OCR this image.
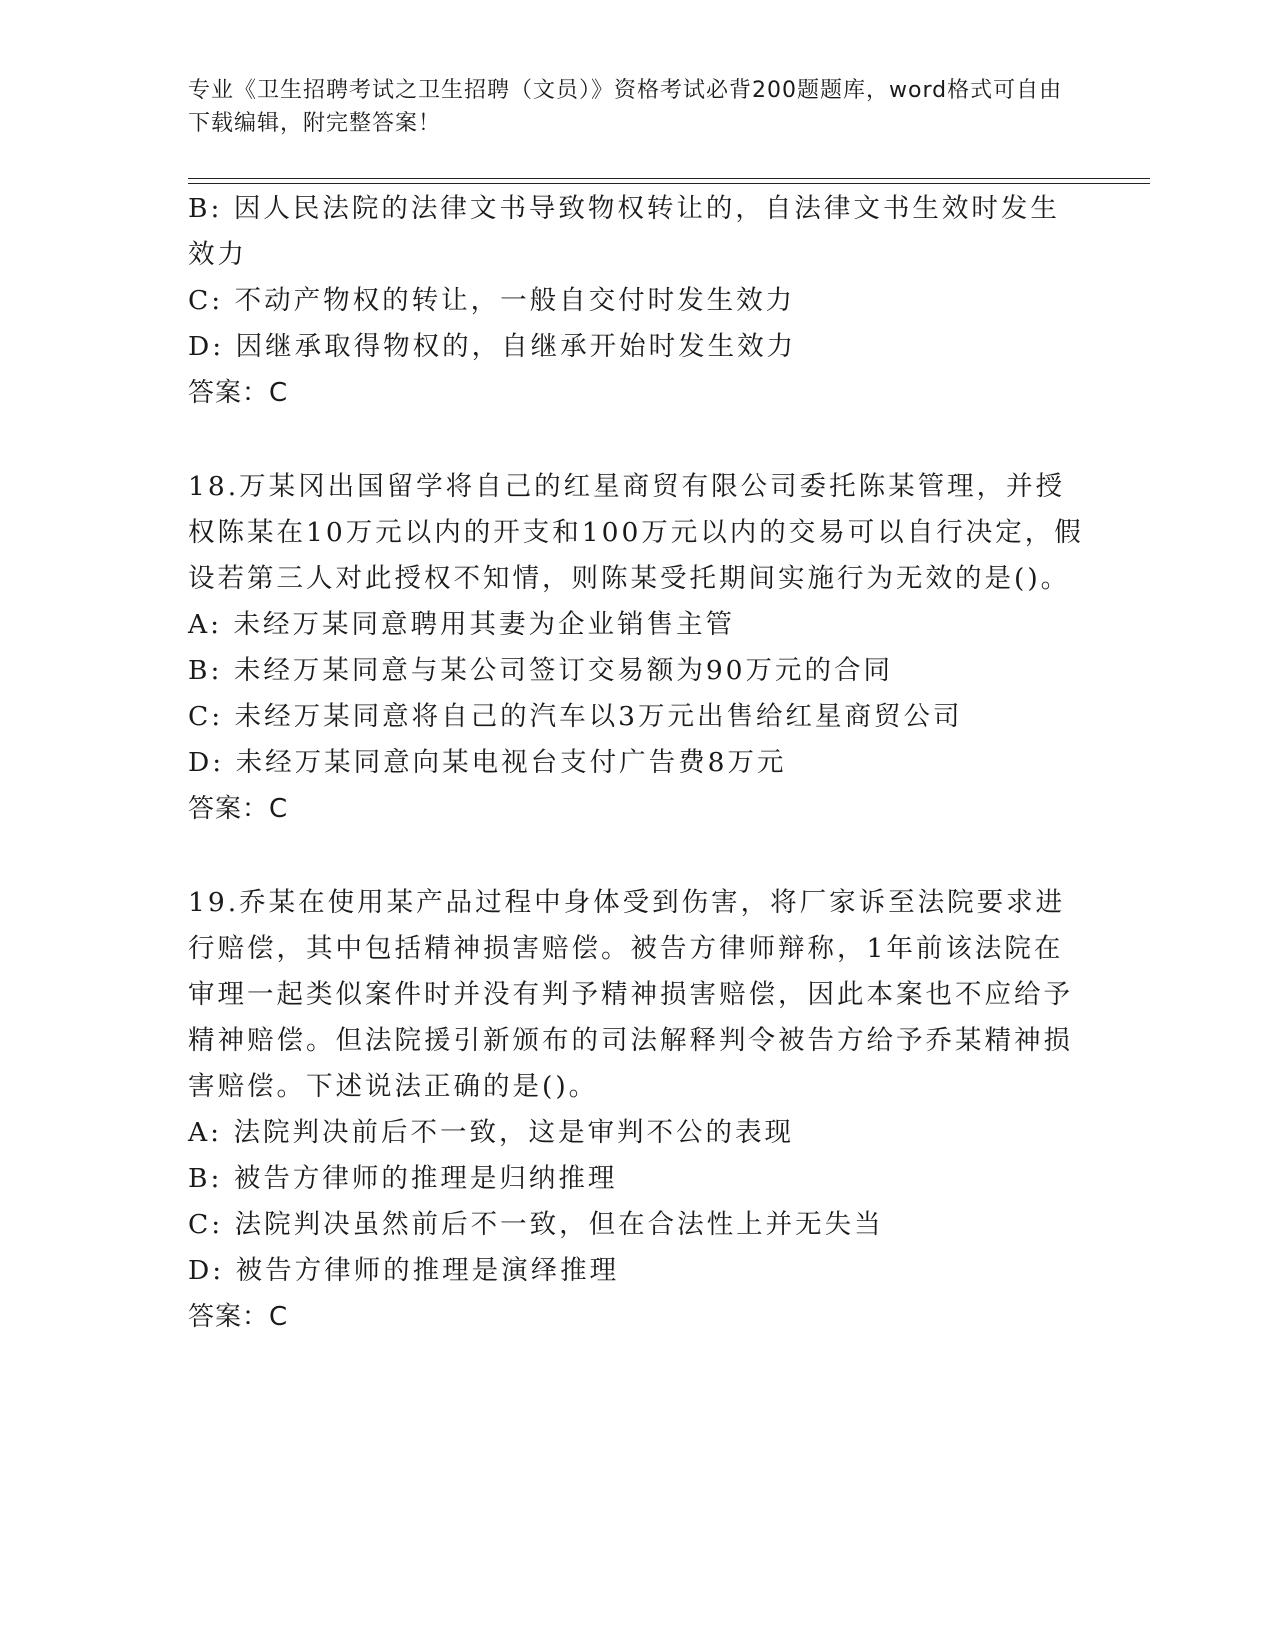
专业《卫生招聘考试之卫生招聘（文员）》资格考试必背200题题库，word格式可自由下载编辑，附完整答案！
B: 因人民法院的法律文书导致物权转让的，自法律文书生效时发生效力
C: 不动产物权的转让，一般自交付时发生效力
D: 因继承取得物权的，自继承开始时发生效力
答案：C
18.万某冈出国留学将自己的红星商贸有限公司委托陈某管理，并授权陈某在10万元以内的开支和100万元以内的交易可以自行决定，假设若第三人对此授权不知情，则陈某受托期间实施行为无效的是()。
A: 未经万某同意聘用其妻为企业销售主管
B: 未经万某同意与某公司签订交易额为90万元的合同
C: 未经万某同意将自己的汽车以3万元出售给红星商贸公司
D: 未经万某同意向某电视台支付广告费8万元
答案：C
19.乔某在使用某产品过程中身体受到伤害，将厂家诉至法院要求进行赔偿，其中包括精神损害赔偿。被告方律师辩称，1年前该法院在审理一起类似案件时并没有判予精神损害赔偿，因此本案也不应给予精神赔偿。但法院援引新颁布的司法解释判令被告方给予乔某精神损害赔偿。下述说法正确的是()。
A: 法院判决前后不一致，这是审判不公的表现
B: 被告方律师的推理是归纳推理
C: 法院判决虽然前后不一致，但在合法性上并无失当
D: 被告方律师的推理是演绎推理
答案：C
